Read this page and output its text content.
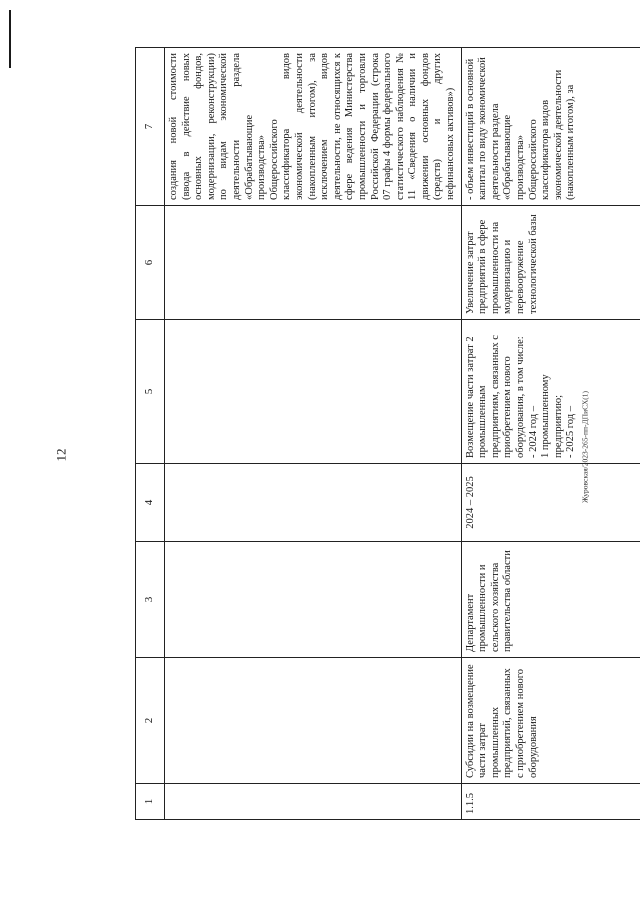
12	Журовская/2023-265-пп-ДПиСХ(1)
1	2	3	4	5	6	7
						создания новой стоимости (ввода в действие новых основных фондов, модернизации, реконструкции) по видам экономической деятельности раздела «Обрабатывающие производства» Общероссийского классификатора видов экономической деятельности (накопленным итогом), за исключением видов деятельности, не относящихся к сфере ведения Министерства промышленности и торговли Российской Федерации (строка 07 графы 4 формы федерального статистического наблюдения № 11 «Сведения о наличии и движении основных фондов (средств) и других нефинансовых активов»)
1.1.5	Субсидии на возмещение части затрат промышленных предприятий, связанных с приобретением нового оборудования	Департамент промышленности и сельского хозяйства правительства области	2024 – 2025	Возмещение части затрат 2 промышленным предприятиям, связанных с приобретением нового оборудования, в том числе:
- 2024 год –
1 промышленному предприятию;
- 2025 год –	Увеличение затрат предприятий в сфере промышленности на модернизацию и перевооружение технологической базы	- объем инвестиций в основной капитал по виду экономической деятельности раздела «Обрабатывающие производства» Общероссийского классификатора видов экономической деятельности (накопленным итогом), за
